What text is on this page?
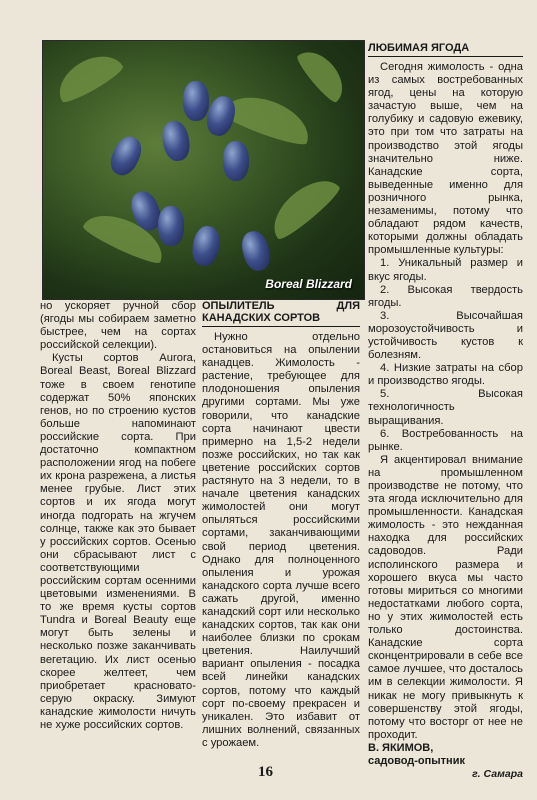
Boreal Blizzard

но ускоряет ручной сбор (ягоды мы собираем заметно быстрее, чем на сортах российской селекции).

Кусты сортов Aurora, Boreal Beast, Boreal Blizzard тоже в своем генотипе содержат 50% японских генов, но по строению кустов больше напоминают российские сорта. При достаточно компактном расположении ягод на побеге их крона разрежена, а листья менее грубые. Лист этих сортов и их ягода могут иногда подгорать на жгучем солнце, также как это бывает у российских сортов. Осенью они сбрасывают лист с соответствующими российским сортам осенними цветовыми изменениями. В то же время кусты сортов Tundra и Boreal Beauty еще могут быть зелены и несколько позже заканчивать вегетацию. Их лист осенью скорее желтеет, чем приобретает красновато-серую окраску. Зимуют канадские жимолости ничуть не хуже российских сортов.

ОПЫЛИТЕЛЬ ДЛЯ КАНАДСКИХ СОРТОВ

Нужно отдельно остановиться на опылении канадцев. Жимолость - растение, требующее для плодоношения опыления другими сортами. Мы уже говорили, что канадские сорта начинают цвести примерно на 1,5-2 недели позже российских, но так как цветение российских сортов растянуто на 3 недели, то в начале цветения канадских жимолостей они могут опыляться российскими сортами, заканчивающими свой период цветения. Однако для полноценного опыления и урожая канадского сорта лучше всего сажать другой, именно канадский сорт или несколько канадских сортов, так как они наиболее близки по срокам цветения. Наилучший вариант опыления - посадка всей линейки канадских сортов, потому что каждый сорт по-своему прекрасен и уникален. Это избавит от лишних волнений, связанных с урожаем.

ЛЮБИМАЯ ЯГОДА

Сегодня жимолость - одна из самых востребованных ягод, цены на которую зачастую выше, чем на голубику и садовую ежевику, это при том что затраты на производство этой ягоды значительно ниже. Канадские сорта, выведенные именно для розничного рынка, незаменимы, потому что обладают рядом качеств, которыми должны обладать промышленные культуры:

1. Уникальный размер и вкус ягоды.

2. Высокая твердость ягоды.

3. Высочайшая морозоустойчивость и устойчивость кустов к болезням.

4. Низкие затраты на сбор и производство ягоды.

5. Высокая технологичность выращивания.

6. Востребованность на рынке.

Я акцентировал внимание на промышленном производстве не потому, что эта ягода исключительно для промышленности. Канадская жимолость - это нежданная находка для российских садоводов. Ради исполинского размера и хорошего вкуса мы часто готовы мириться со многими недостатками любого сорта, но у этих жимолостей есть только достоинства. Канадские сорта сконцентрировали в себе все самое лучшее, что досталось им в селекции жимолости. Я никак не могу привыкнуть к совершенству этой ягоды, потому что восторг от нее не проходит.

В. ЯКИМОВ,

садовод-опытник

г. Самара

16
